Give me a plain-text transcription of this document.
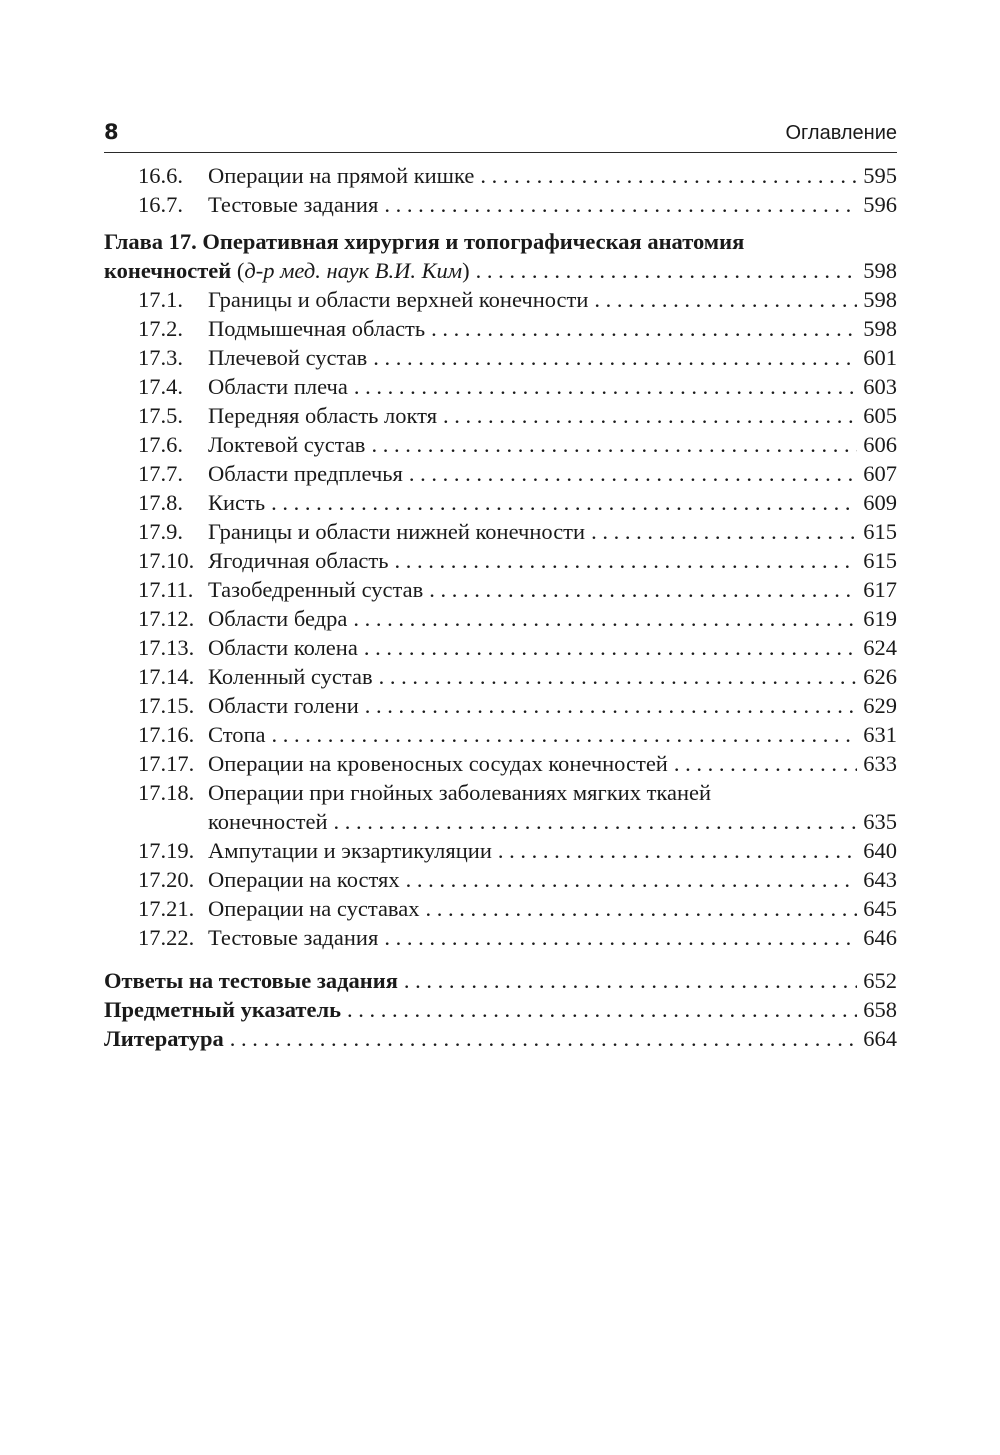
8	Оглавление
16.6.	Операции на прямой кишке . . .	595
16.7.	Тестовые задания . . .	596
Глава 17. Оперативная хирургия и топографическая анатомия
конечностей (д-р мед. наук В.И. Ким) . . .	598
17.1.	Границы и области верхней конечности . . .	598
17.2.	Подмышечная область . . .	598
17.3.	Плечевой сустав . . .	601
17.4.	Области плеча . . .	603
17.5.	Передняя область локтя . . .	605
17.6.	Локтевой сустав . . .	606
17.7.	Области предплечья . . .	607
17.8.	Кисть . . .	609
17.9.	Границы и области нижней конечности . . .	615
17.10. Ягодичная область . . .	615
17.11. Тазобедренный сустав . . .	617
17.12. Области бедра . . .	619
17.13. Области колена . . .	624
17.14. Коленный сустав . . .	626
17.15. Области голени . . .	629
17.16. Стопа . . .	631
17.17. Операции на кровеносных сосудах конечностей . . .	633
17.18. Операции при гнойных заболеваниях мягких тканей
конечностей . . .	635
17.19. Ампутации и экзартикуляции . . .	640
17.20. Операции на костях . . .	643
17.21. Операции на суставах . . .	645
17.22. Тестовые задания . . .	646
Ответы на тестовые задания . . .	652
Предметный указатель . . .	658
Литература . . .	664
